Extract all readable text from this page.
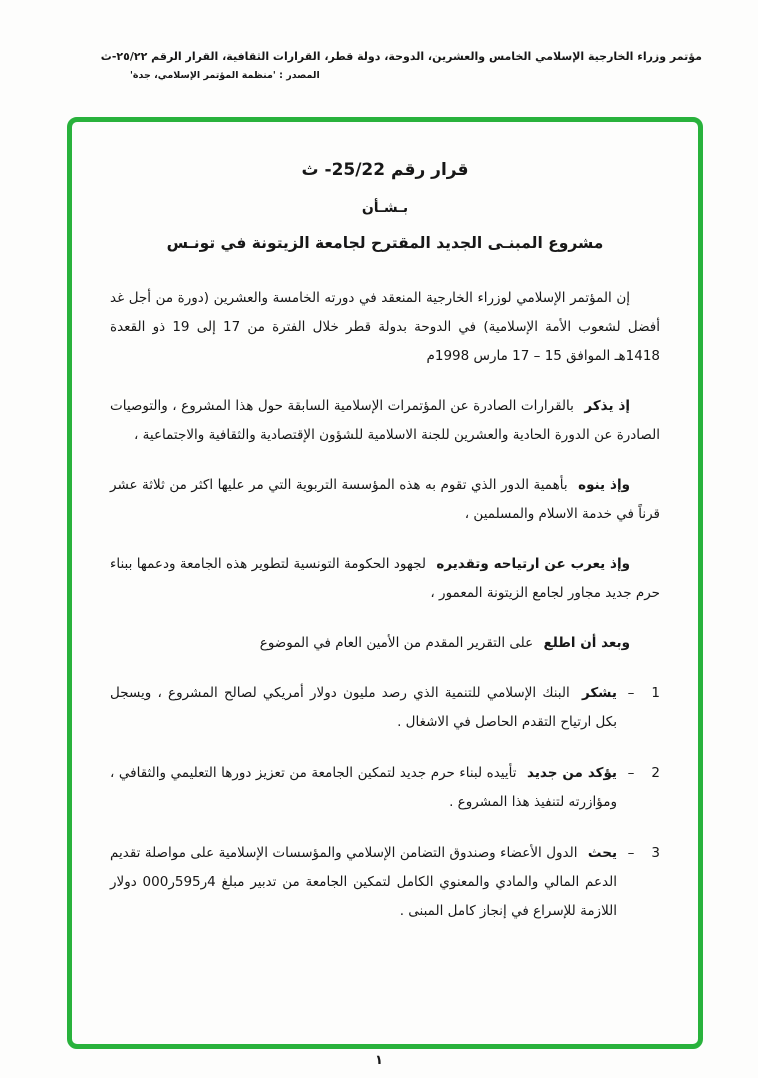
مؤتمر وزراء الخارجية الإسلامي الخامس والعشرين، الدوحة، دولة قطر، القرارات الثقافية، القرار الرقم ٢٥/٢٢-ث
المصدر : 'منظمة المؤتمر الإسلامي، جدة'
قرار رقم 25/22- ث
بـشـأن
مشروع المبنـى الجديد المقترح لجامعة الزيتونة في تونـس

إن المؤتمر الإسلامي لوزراء الخارجية المنعقد في دورته الخامسة والعشرين (دورة من أجل غد أفضل لشعوب الأمة الإسلامية) في الدوحة بدولة قطر خلال الفترة من 17 إلى 19 ذو القعدة 1418هـ الموافق 15 – 17 مارس 1998م

إذ يذكر بالقرارات الصادرة عن المؤتمرات الإسلامية السابقة حول هذا المشروع ، والتوصيات الصادرة عن الدورة الحادية والعشرين للجنة الاسلامية للشؤون الإقتصادية والثقافية والاجتماعية ،

وإذ ينوه بأهمية الدور الذي تقوم به هذه المؤسسة التربوية التي مر عليها اكثر من ثلاثة عشر قرناً في خدمة الاسلام والمسلمين ،

وإذ يعرب عن ارتياحه وتقديره لجهود الحكومة التونسية لتطوير هذه الجامعة ودعمها ببناء حرم جديد مجاور لجامع الزيتونة المعمور ،

وبعد أن اطلع على التقرير المقدم من الأمين العام في الموضوع

1
–

يشكر البنك الإسلامي للتنمية الذي رصد مليون دولار أمريكي لصالح المشروع ، ويسجل بكل ارتياح التقدم الحاصل في الاشغال .

2
–

يؤكد من جديد تأييده لبناء حرم جديد لتمكين الجامعة من تعزيز دورها التعليمي والثقافي ، ومؤازرته لتنفيذ هذا المشروع .

3
–

يحث الدول الأعضاء وصندوق التضامن الإسلامي والمؤسسات الإسلامية على مواصلة تقديم الدعم المالي والمادي والمعنوي الكامل لتمكين الجامعة من تدبير مبلغ 4ر595ر000 دولار اللازمة للإسراع في إنجاز كامل المبنى .

١
